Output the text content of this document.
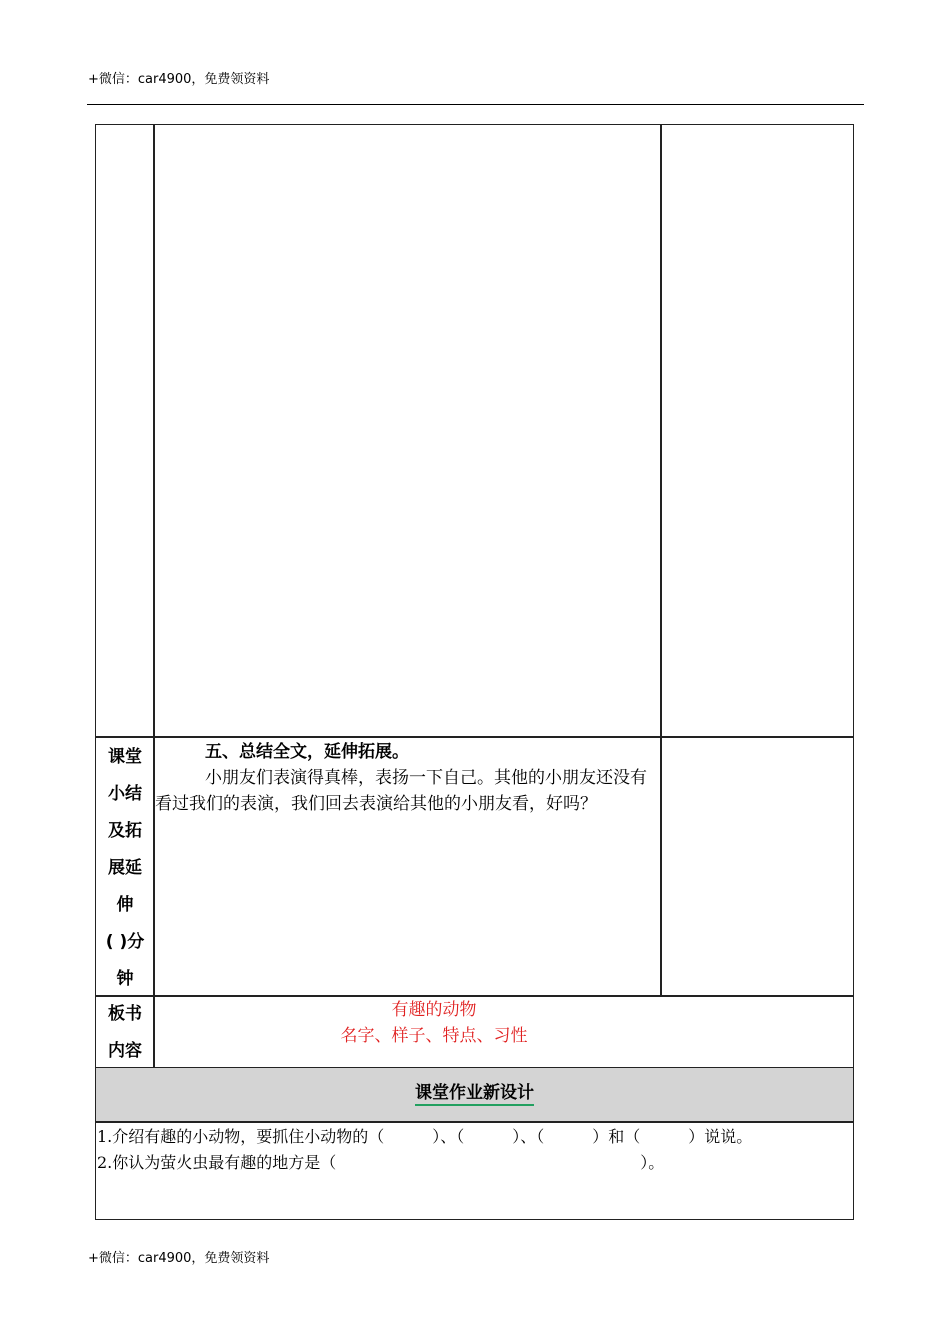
+微信：car4900，免费领资料
课堂
小结
及拓
展延
伸
( )分
钟
五、总结全文，延伸拓展。
小朋友们表演得真棒，表扬一下自己。其他的小朋友还没有看过我们的表演，我们回去表演给其他的小朋友看，好吗？
板书
内容
有趣的动物
名字、样子、特点、习性
课堂作业新设计
1.介绍有趣的小动物，要抓住小动物的（　　　）、（　　　）、（　　　）和（　　　）说说。
2.你认为萤火虫最有趣的地方是（　　　　　　　　　　　　　　　　　　　）。
+微信：car4900，免费领资料
